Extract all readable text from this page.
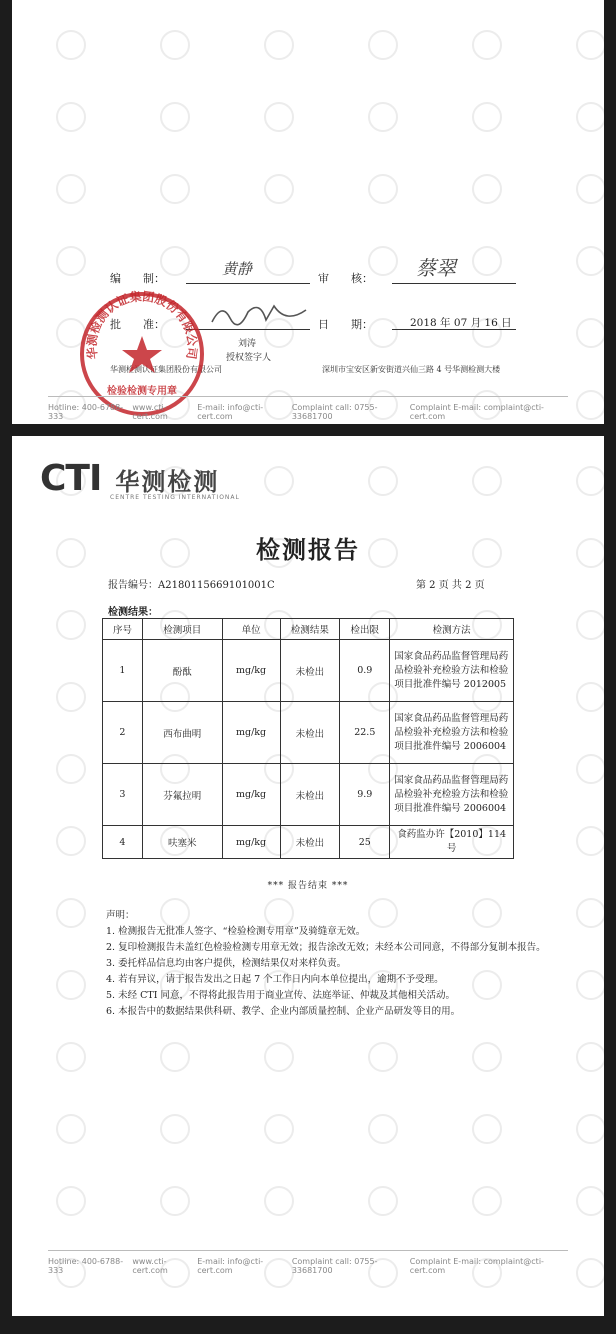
编　　制：
黄静
审　　核： 蔡翠
批　　准：	日　　期：	2018 年 07 月 16 日
刘涛
授权签字人
华测检测认证集团股份有限公司	深圳市宝安区新安街道兴仙三路 4 号华测检测大楼
华测检测认证集团股份有限公司
检验检测专用章
Hotline: 400-6788-333
www.cti-cert.com
E-mail: info@cti-cert.com
Complaint call: 0755-33681700
Complaint E-mail: complaint@cti-cert.com
CTI 华测检测
CENTRE TESTING INTERNATIONAL
检测报告
报告编号：A2180115669101001C	第 2 页 共 2 页
检测结果：
序号	检测项目	单位	检测结果	检出限	检测方法
1	酚酞	mg/kg	未检出	0.9	国家食品药品监督管理局药品检验补充检验方法和检验项目批准件编号 2012005
2	西布曲明	mg/kg	未检出	22.5	国家食品药品监督管理局药品检验补充检验方法和检验项目批准件编号 2006004
3	芬氟拉明	mg/kg	未检出	9.9	国家食品药品监督管理局药品检验补充检验方法和检验项目批准件编号 2006004
4	呋塞米	mg/kg	未检出	25	食药监办许【2010】114 号
*** 报告结束 ***

声明：

1. 检测报告无批准人签字、“检验检测专用章”及骑缝章无效。

2. 复印检测报告未盖红色检验检测专用章无效；报告涂改无效；未经本公司同意，不得部分复制本报告。

3. 委托样品信息均由客户提供，检测结果仅对来样负责。

4. 若有异议，请于报告发出之日起 7 个工作日内向本单位提出，逾期不予受理。

5. 未经 CTI 同意，不得将此报告用于商业宣传、法庭举证、仲裁及其他相关活动。

6. 本报告中的数据结果供科研、教学、企业内部质量控制、企业产品研发等目的用。

Hotline: 400-6788-333
www.cti-cert.com
E-mail: info@cti-cert.com
Complaint call: 0755-33681700
Complaint E-mail: complaint@cti-cert.com
